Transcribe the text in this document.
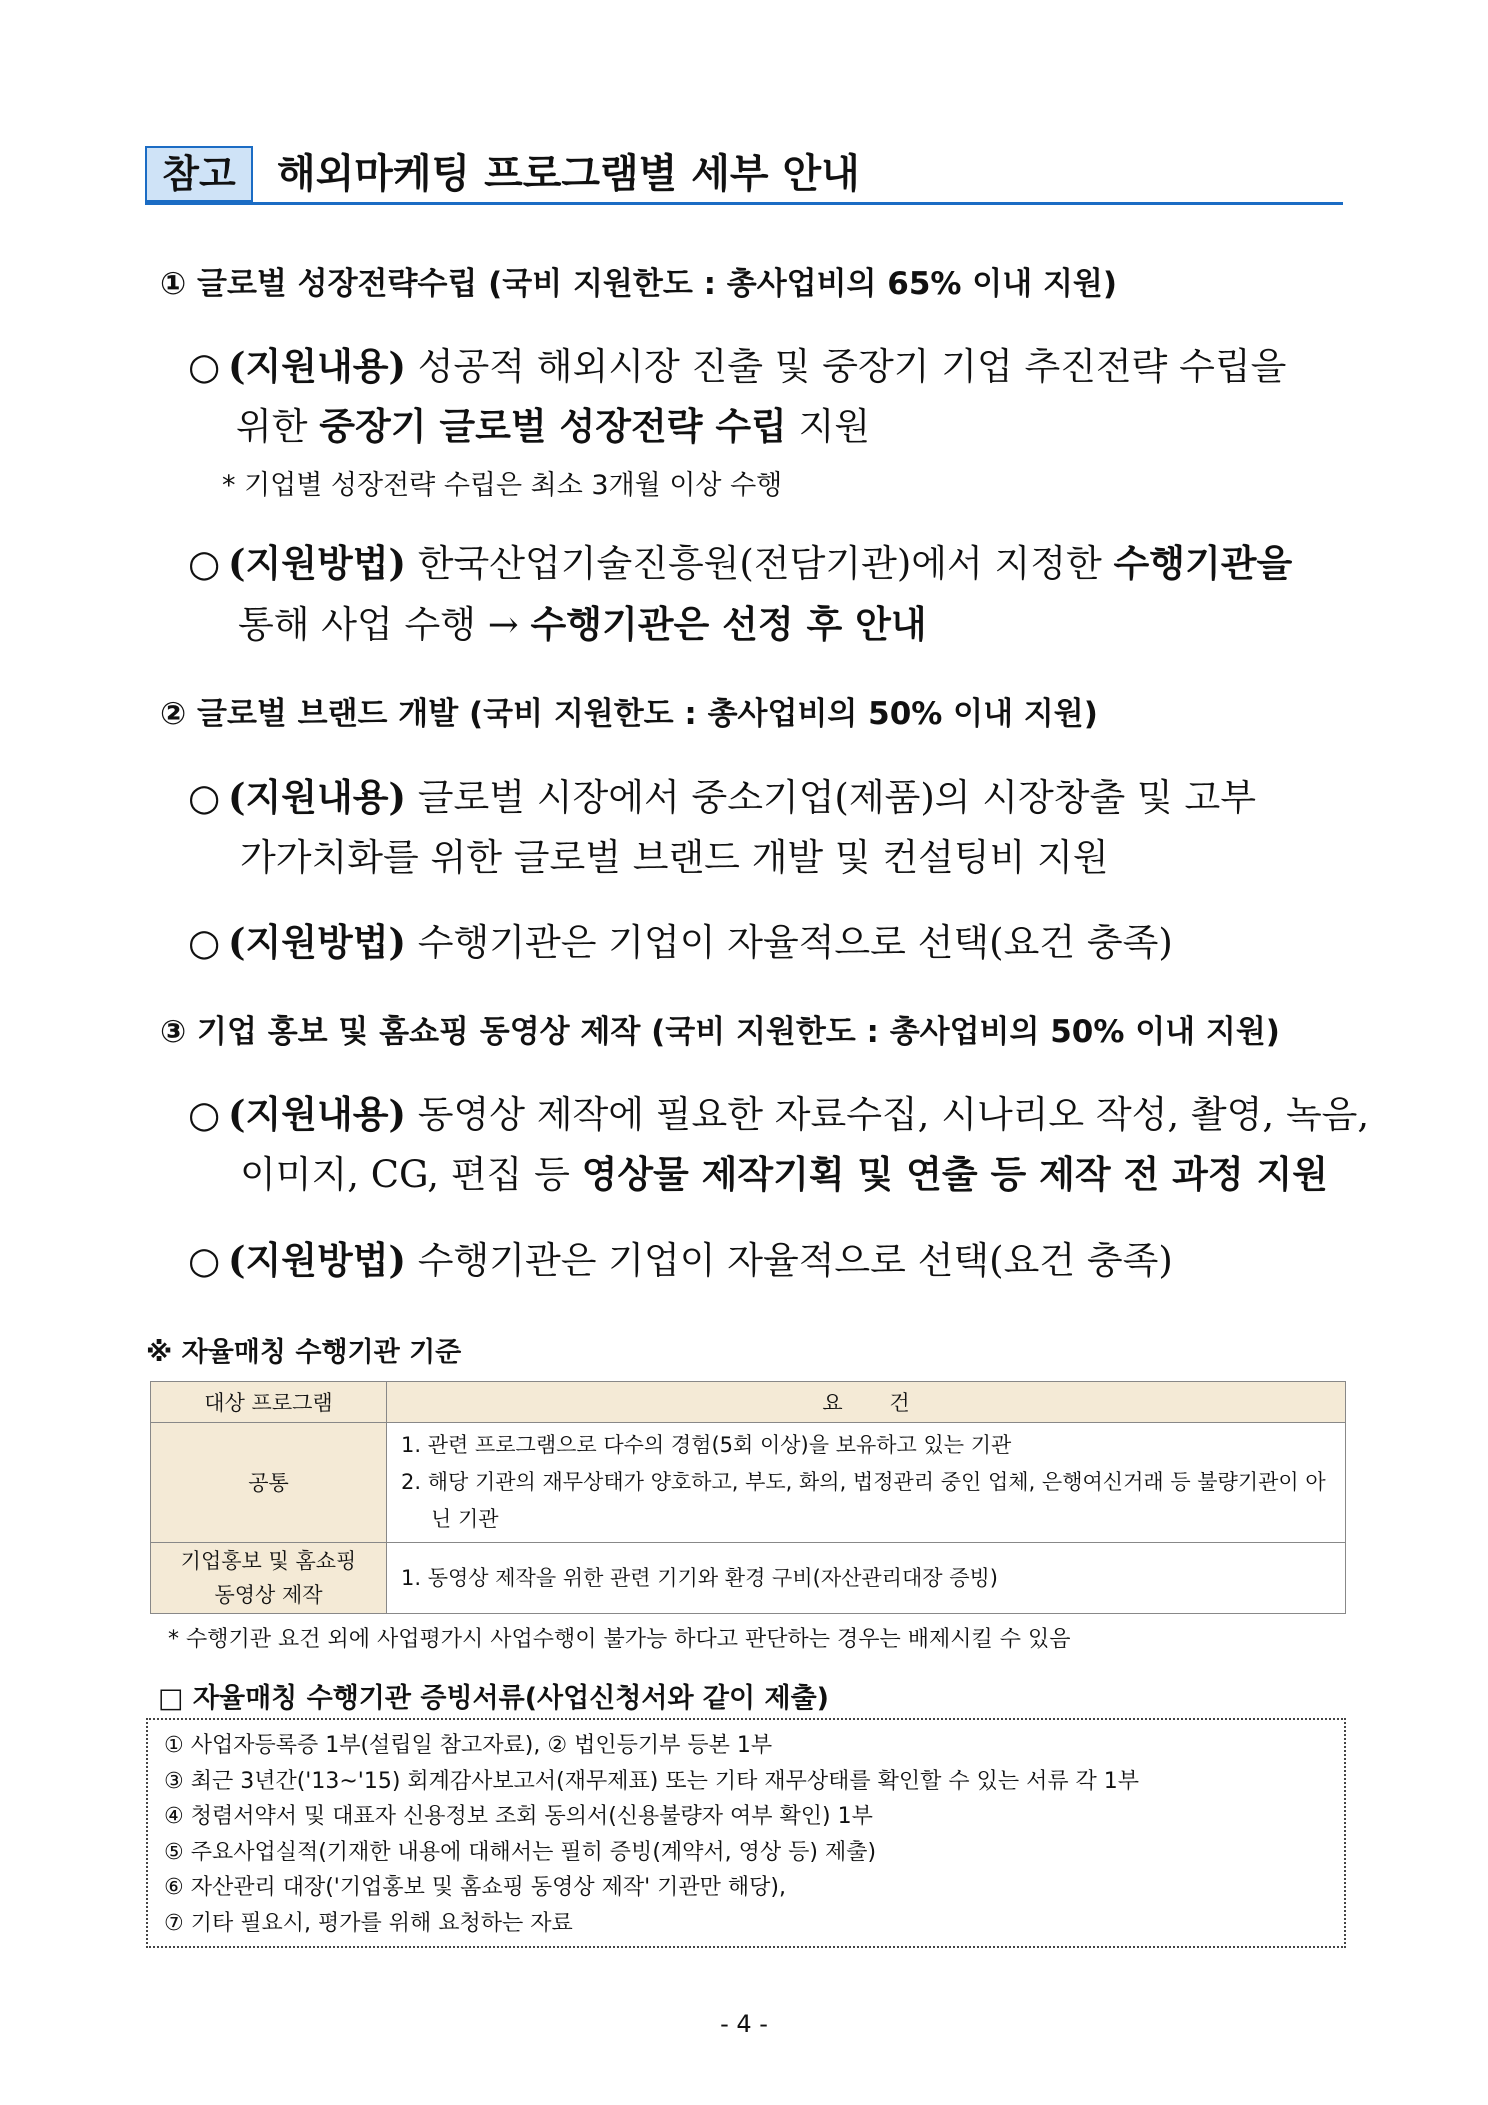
참고	해외마케팅 프로그램별 세부 안내
① 글로벌 성장전략수립 (국비 지원한도 : 총사업비의 65% 이내 지원)
○ (지원내용) 성공적 해외시장 진출 및 중장기 기업 추진전략 수립을
위한 중장기 글로벌 성장전략 수립 지원
* 기업별 성장전략 수립은 최소 3개월 이상 수행
○ (지원방법) 한국산업기술진흥원(전담기관)에서 지정한 수행기관을
통해 사업 수행 → 수행기관은 선정 후 안내
② 글로벌 브랜드 개발 (국비 지원한도 : 총사업비의 50% 이내 지원)
○ (지원내용) 글로벌 시장에서 중소기업(제품)의 시장창출 및 고부
가가치화를 위한 글로벌 브랜드 개발 및 컨설팅비 지원
○ (지원방법) 수행기관은 기업이 자율적으로 선택(요건 충족)
③ 기업 홍보 및 홈쇼핑 동영상 제작 (국비 지원한도 : 총사업비의 50% 이내 지원)
○ (지원내용) 동영상 제작에 필요한 자료수집, 시나리오 작성, 촬영, 녹음,
이미지, CG, 편집 등 영상물 제작기획 및 연출 등 제작 전 과정 지원
○ (지원방법) 수행기관은 기업이 자율적으로 선택(요건 충족)
※ 자율매칭 수행기관 기준
대상 프로그램	요       건
공통	1. 관련 프로그램으로 다수의 경험(5회 이상)을 보유하고 있는 기관
2. 해당 기관의 재무상태가 양호하고, 부도, 화의, 법정관리 중인 업체, 은행여신거래 등 불량기관이 아닌 기관

기업홍보 및 홈쇼핑
동영상 제작	1. 동영상 제작을 위한 관련 기기와 환경 구비(자산관리대장 증빙)
* 수행기관 요건 외에 사업평가시 사업수행이 불가능 하다고 판단하는 경우는 배제시킬 수 있음
□ 자율매칭 수행기관 증빙서류(사업신청서와 같이 제출)
① 사업자등록증 1부(설립일 참고자료), ② 법인등기부 등본 1부
③ 최근 3년간('13~'15) 회계감사보고서(재무제표) 또는 기타 재무상태를 확인할 수 있는 서류 각 1부
④ 청렴서약서 및 대표자 신용정보 조회 동의서(신용불량자 여부 확인) 1부
⑤ 주요사업실적(기재한 내용에 대해서는 필히 증빙(계약서, 영상 등) 제출)
⑥ 자산관리 대장('기업홍보 및 홈쇼핑 동영상 제작' 기관만 해당),
⑦ 기타 필요시, 평가를 위해 요청하는 자료
- 4 -
